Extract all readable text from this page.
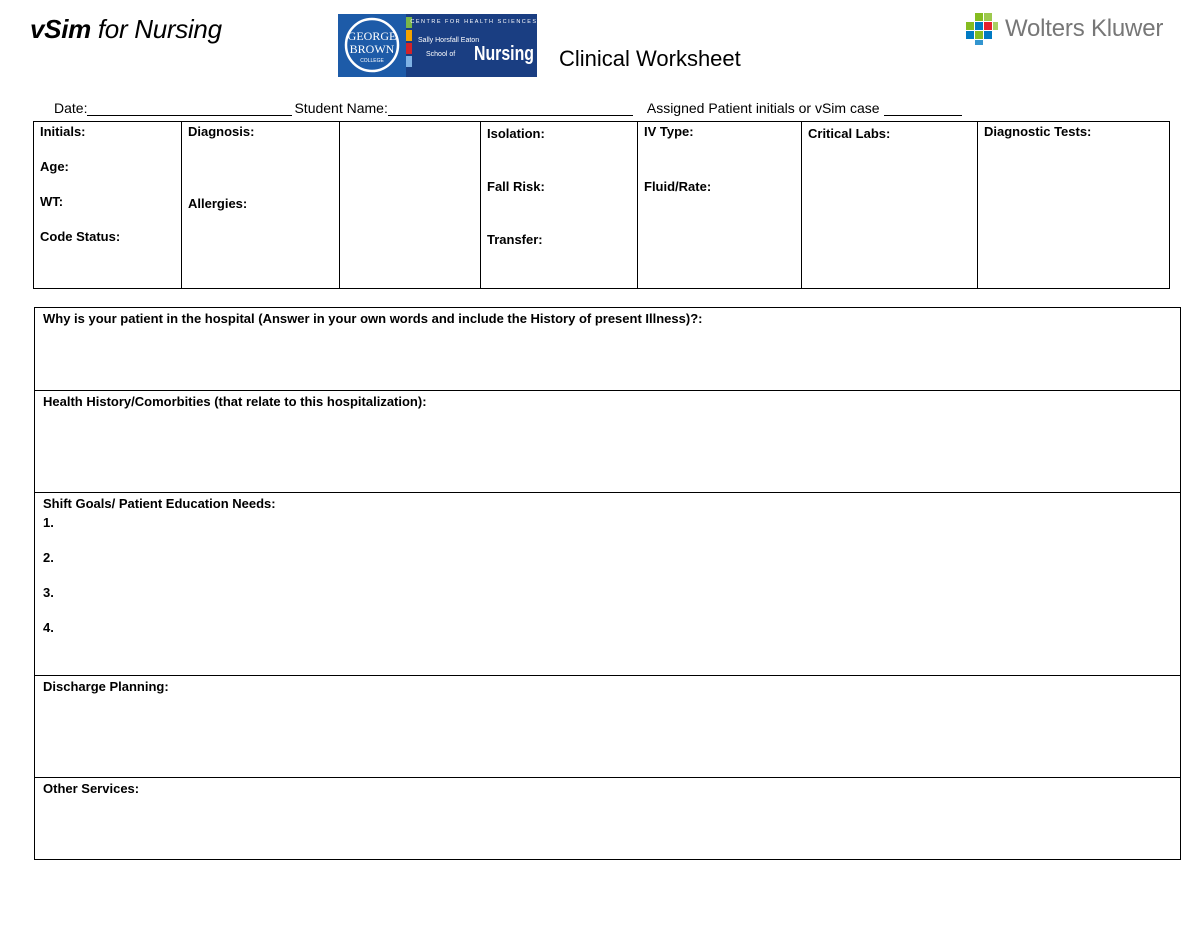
vSim for Nursing	GEORGE
BROWN
COLLEGE
CENTRE FOR HEALTH SCIENCES
Sally Horsfall Eaton
School of Nursing Clinical Worksheet
Wolters Kluwer
Date:	Student Name:	Assigned Patient initials or vSim case
Initials:
Age:
WT:
Code Status:

Diagnosis:
Allergies:

Isolation:
Fall Risk:
Transfer:

IV Type:
Fluid/Rate:

Critical Labs:	Diagnostic Tests:
Why is your patient in the hospital (Answer in your own words and include the History of present Illness)?:
Health History/Comorbities (that relate to this hospitalization):
Shift Goals/ Patient Education Needs:
1.
2.
3.
4.
Discharge Planning:
Other Services:
